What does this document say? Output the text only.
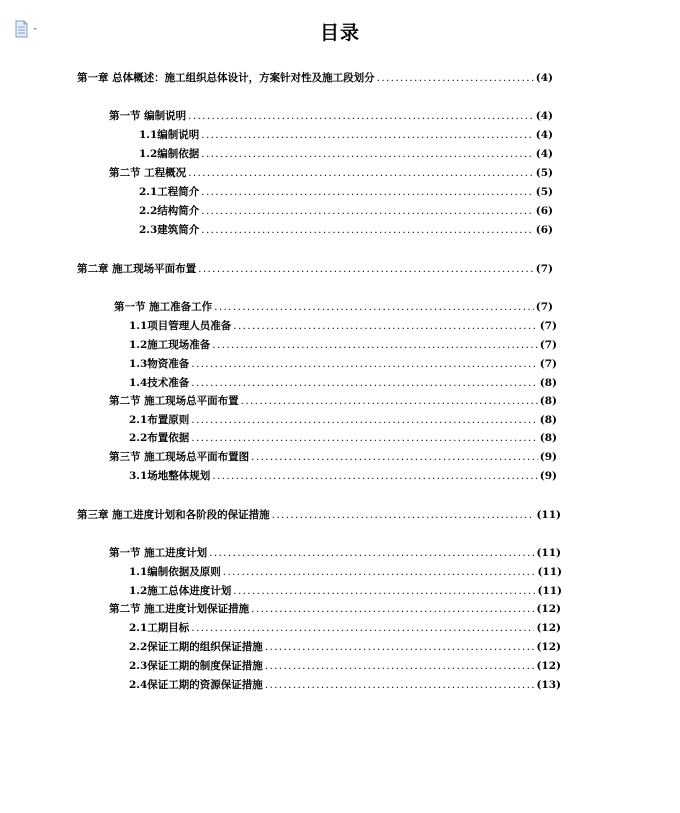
目录
第一章 总体概述：施工组织总体设计，方案针对性及施工段划分 . . .	(4)
第一节 编制说明 . . .	(4)
1.1编制说明 . . .	(4)
1.2编制依据 . . .	(4)
第二节 工程概况 . . .	(5)
2.1工程简介 . . .	(5)
2.2结构简介 . . .	(6)
2.3建筑简介 . . .	(6)
第二章 施工现场平面布置 . . .	(7)
第一节 施工准备工作 . . .	(7)
1.1项目管理人员准备 . . .	(7)
1.2施工现场准备 . . .	(7)
1.3物资准备 . . .	(7)
1.4技术准备 . . .	(8)
第二节 施工现场总平面布置 . . .	(8)
2.1布置原则 . . .	(8)
2.2布置依据 . . .	(8)
第三节 施工现场总平面布置图 . . .	(9)
3.1场地整体规划 . . .	(9)
第三章 施工进度计划和各阶段的保证措施 . . .	(11)
第一节 施工进度计划 . . .	(11)
1.1编制依据及原则 . . .	(11)
1.2施工总体进度计划 . . .	(11)
第二节 施工进度计划保证措施 . . .	(12)
2.1工期目标 . . .	(12)
2.2保证工期的组织保证措施 . . .	(12)
2.3保证工期的制度保证措施 . . .	(12)
2.4保证工期的资源保证措施 . . .	(13)
